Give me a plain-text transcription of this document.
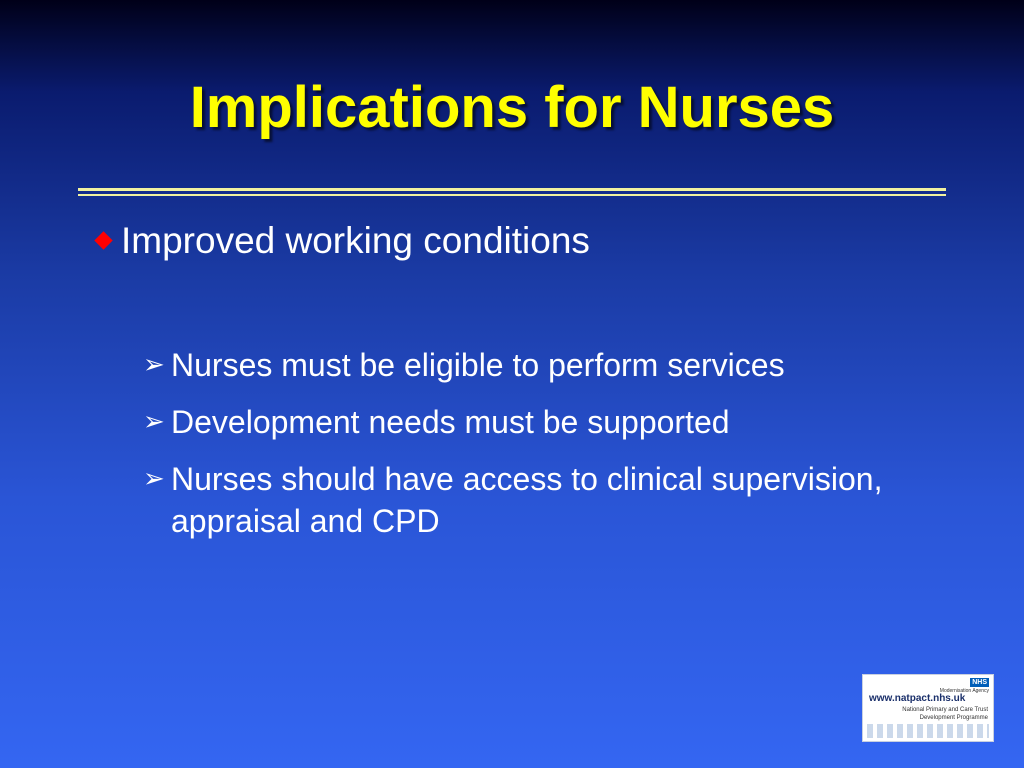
Implications for Nurses
Improved working conditions
➢ Nurses must be eligible to perform services
➢ Development needs must be supported
➢ Nurses should have access to clinical supervision, appraisal and CPD
NHS
Modernisation Agency
www.natpact.nhs.uk
National Primary and Care Trust
Development Programme
